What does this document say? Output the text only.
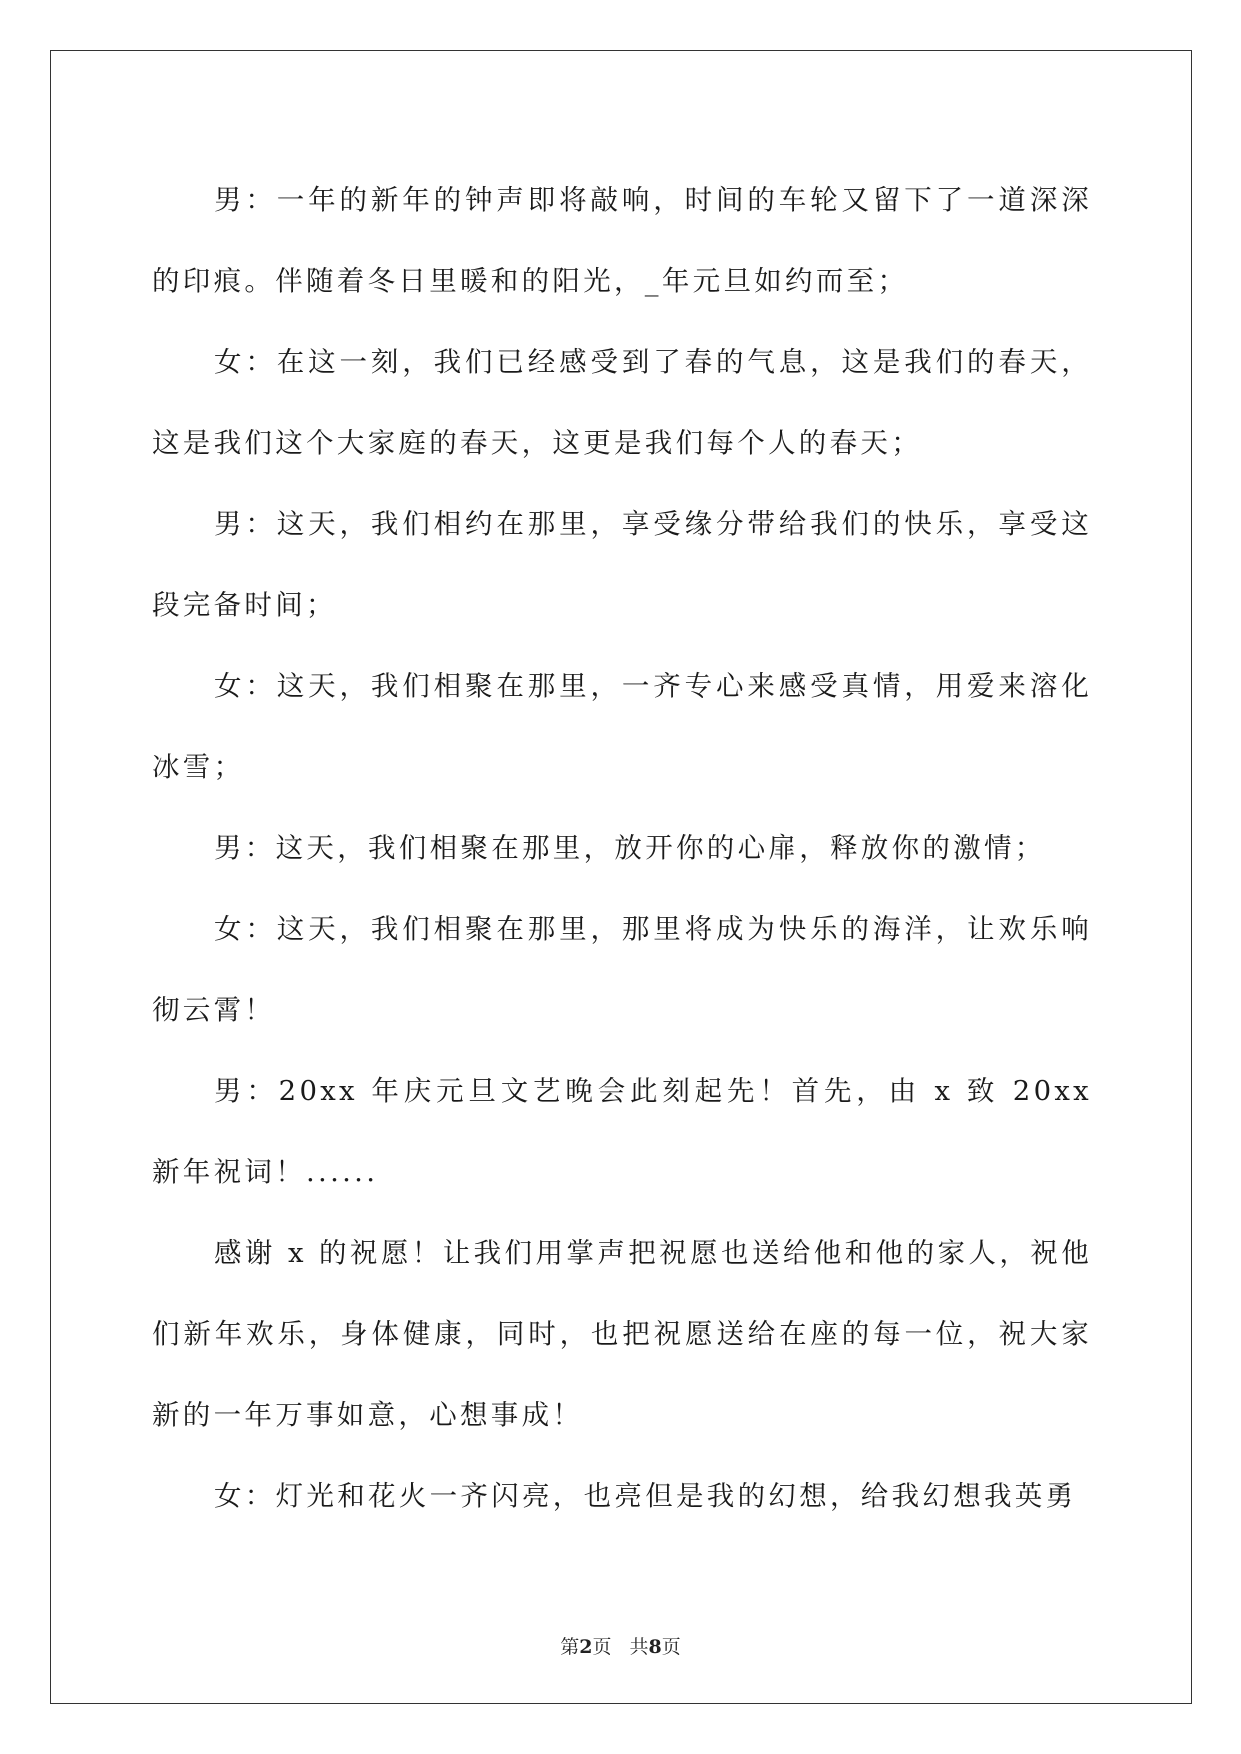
男：一年的新年的钟声即将敲响，时间的车轮又留下了一道深深的印痕。伴随着冬日里暖和的阳光，_年元旦如约而至；

女：在这一刻，我们已经感受到了春的气息，这是我们的春天，这是我们这个大家庭的春天，这更是我们每个人的春天；

男：这天，我们相约在那里，享受缘分带给我们的快乐，享受这段完备时间；

女：这天，我们相聚在那里，一齐专心来感受真情，用爱来溶化冰雪；

男：这天，我们相聚在那里，放开你的心扉，释放你的激情；

女：这天，我们相聚在那里，那里将成为快乐的海洋，让欢乐响彻云霄！

男：20xx 年庆元旦文艺晚会此刻起先！首先，由 x 致 20xx 新年祝词！......

感谢 x 的祝愿！让我们用掌声把祝愿也送给他和他的家人，祝他们新年欢乐，身体健康，同时，也把祝愿送给在座的每一位，祝大家新的一年万事如意，心想事成！

女：灯光和花火一齐闪亮，也亮但是我的幻想，给我幻想我英勇

第2页 共8页
